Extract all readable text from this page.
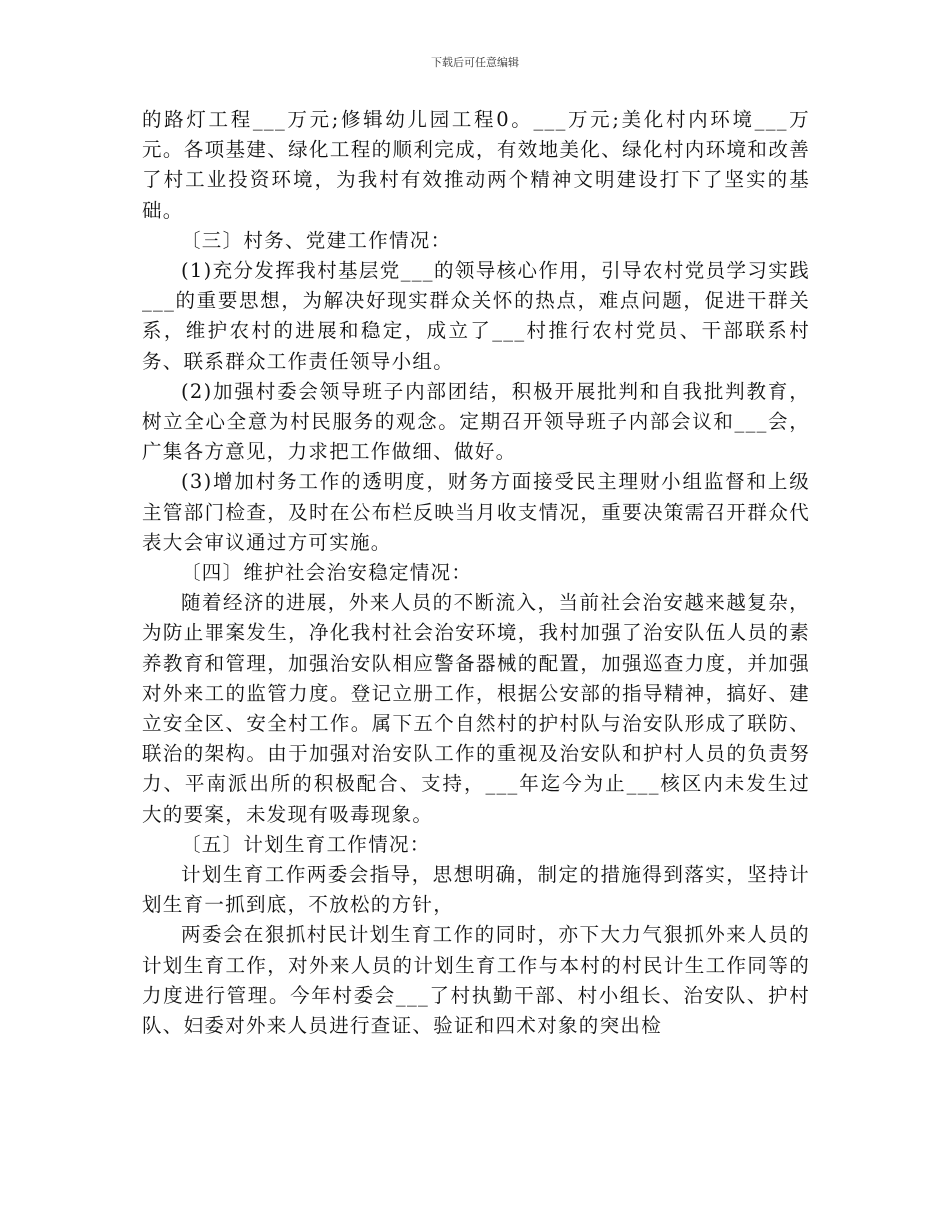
下载后可任意编辑

的路灯工程___万元;修辑幼儿园工程0。___万元;美化村内环境___万元。各项基建、绿化工程的顺利完成，有效地美化、绿化村内环境和改善了村工业投资环境，为我村有效推动两个精神文明建设打下了坚实的基础。

〔三〕村务、党建工作情况：

(1)充分发挥我村基层党___的领导核心作用，引导农村党员学习实践___的重要思想，为解决好现实群众关怀的热点，难点问题，促进干群关系，维护农村的进展和稳定，成立了___村推行农村党员、干部联系村务、联系群众工作责任领导小组。

(2)加强村委会领导班子内部团结，积极开展批判和自我批判教育，树立全心全意为村民服务的观念。定期召开领导班子内部会议和___会，广集各方意见，力求把工作做细、做好。

(3)增加村务工作的透明度，财务方面接受民主理财小组监督和上级主管部门检查，及时在公布栏反映当月收支情况，重要决策需召开群众代表大会审议通过方可实施。

〔四〕维护社会治安稳定情况：

随着经济的进展，外来人员的不断流入，当前社会治安越来越复杂，为防止罪案发生，净化我村社会治安环境，我村加强了治安队伍人员的素养教育和管理，加强治安队相应警备器械的配置，加强巡查力度，并加强对外来工的监管力度。登记立册工作，根据公安部的指导精神，搞好、建立安全区、安全村工作。属下五个自然村的护村队与治安队形成了联防、联治的架构。由于加强对治安队工作的重视及治安队和护村人员的负责努力、平南派出所的积极配合、支持，___年迄今为止___核区内未发生过大的要案，未发现有吸毒现象。

〔五〕计划生育工作情况：

计划生育工作两委会指导，思想明确，制定的措施得到落实，坚持计划生育一抓到底，不放松的方针，

两委会在狠抓村民计划生育工作的同时，亦下大力气狠抓外来人员的计划生育工作，对外来人员的计划生育工作与本村的村民计生工作同等的力度进行管理。今年村委会___了村执勤干部、村小组长、治安队、护村队、妇委对外来人员进行查证、验证和四术对象的突出检
